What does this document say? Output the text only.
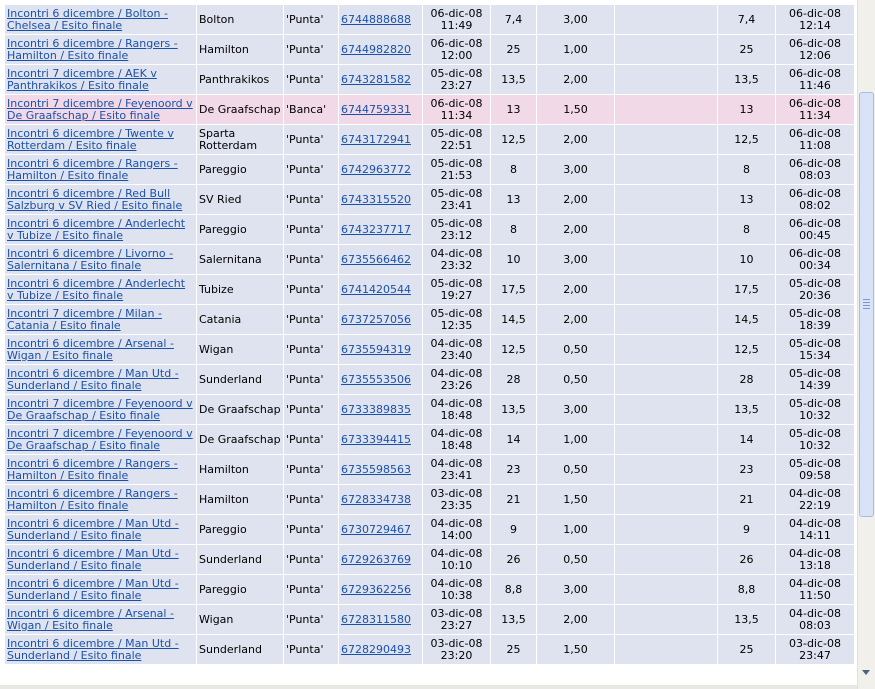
Incontri 6 dicembre / Bolton - Chelsea / Esito finale	Bolton	'Punta'	6744888688	06-dic-08
11:49	7,4	3,00		7,4	06-dic-08
12:14
Incontri 6 dicembre / Rangers - Hamilton / Esito finale	Hamilton	'Punta'	6744982820	06-dic-08
12:00	25	1,00		25	06-dic-08
12:06
Incontri 7 dicembre / AEK v Panthrakikos / Esito finale	Panthrakikos	'Punta'	6743281582	05-dic-08
23:27	13,5	2,00		13,5	06-dic-08
11:46
Incontri 7 dicembre / Feyenoord v De Graafschap / Esito finale	De Graafschap	'Banca'	6744759331	06-dic-08
11:34	13	1,50		13	06-dic-08
11:34
Incontri 6 dicembre / Twente v Rotterdam / Esito finale	Sparta Rotterdam	'Punta'	6743172941	05-dic-08
22:51	12,5	2,00		12,5	06-dic-08
11:08
Incontri 6 dicembre / Rangers - Hamilton / Esito finale	Pareggio	'Punta'	6742963772	05-dic-08
21:53	8	3,00		8	06-dic-08
08:03
Incontri 6 dicembre / Red Bull Salzburg v SV Ried / Esito finale	SV Ried	'Punta'	6743315520	05-dic-08
23:41	13	2,00		13	06-dic-08
08:02
Incontri 6 dicembre / Anderlecht v Tubize / Esito finale	Pareggio	'Punta'	6743237717	05-dic-08
23:12	8	2,00		8	06-dic-08
00:45
Incontri 6 dicembre / Livorno - Salernitana / Esito finale	Salernitana	'Punta'	6735566462	04-dic-08
23:32	10	3,00		10	06-dic-08
00:34
Incontri 6 dicembre / Anderlecht v Tubize / Esito finale	Tubize	'Punta'	6741420544	05-dic-08
19:27	17,5	2,00		17,5	05-dic-08
20:36
Incontri 7 dicembre / Milan - Catania / Esito finale	Catania	'Punta'	6737257056	05-dic-08
12:35	14,5	2,00		14,5	05-dic-08
18:39
Incontri 6 dicembre / Arsenal - Wigan / Esito finale	Wigan	'Punta'	6735594319	04-dic-08
23:40	12,5	0,50		12,5	05-dic-08
15:34
Incontri 6 dicembre / Man Utd - Sunderland / Esito finale	Sunderland	'Punta'	6735553506	04-dic-08
23:26	28	0,50		28	05-dic-08
14:39
Incontri 7 dicembre / Feyenoord v De Graafschap / Esito finale	De Graafschap	'Punta'	6733389835	04-dic-08
18:48	13,5	3,00		13,5	05-dic-08
10:32
Incontri 7 dicembre / Feyenoord v De Graafschap / Esito finale	De Graafschap	'Punta'	6733394415	04-dic-08
18:48	14	1,00		14	05-dic-08
10:32
Incontri 6 dicembre / Rangers - Hamilton / Esito finale	Hamilton	'Punta'	6735598563	04-dic-08
23:41	23	0,50		23	05-dic-08
09:58
Incontri 6 dicembre / Rangers - Hamilton / Esito finale	Hamilton	'Punta'	6728334738	03-dic-08
23:35	21	1,50		21	04-dic-08
22:19
Incontri 6 dicembre / Man Utd - Sunderland / Esito finale	Pareggio	'Punta'	6730729467	04-dic-08
14:00	9	1,00		9	04-dic-08
14:11
Incontri 6 dicembre / Man Utd - Sunderland / Esito finale	Sunderland	'Punta'	6729263769	04-dic-08
10:10	26	0,50		26	04-dic-08
13:18
Incontri 6 dicembre / Man Utd - Sunderland / Esito finale	Pareggio	'Punta'	6729362256	04-dic-08
10:38	8,8	3,00		8,8	04-dic-08
11:50
Incontri 6 dicembre / Arsenal - Wigan / Esito finale	Wigan	'Punta'	6728311580	03-dic-08
23:27	13,5	2,00		13,5	04-dic-08
08:03
Incontri 6 dicembre / Man Utd - Sunderland / Esito finale	Sunderland	'Punta'	6728290493	03-dic-08
23:20	25	1,50		25	03-dic-08
23:47
